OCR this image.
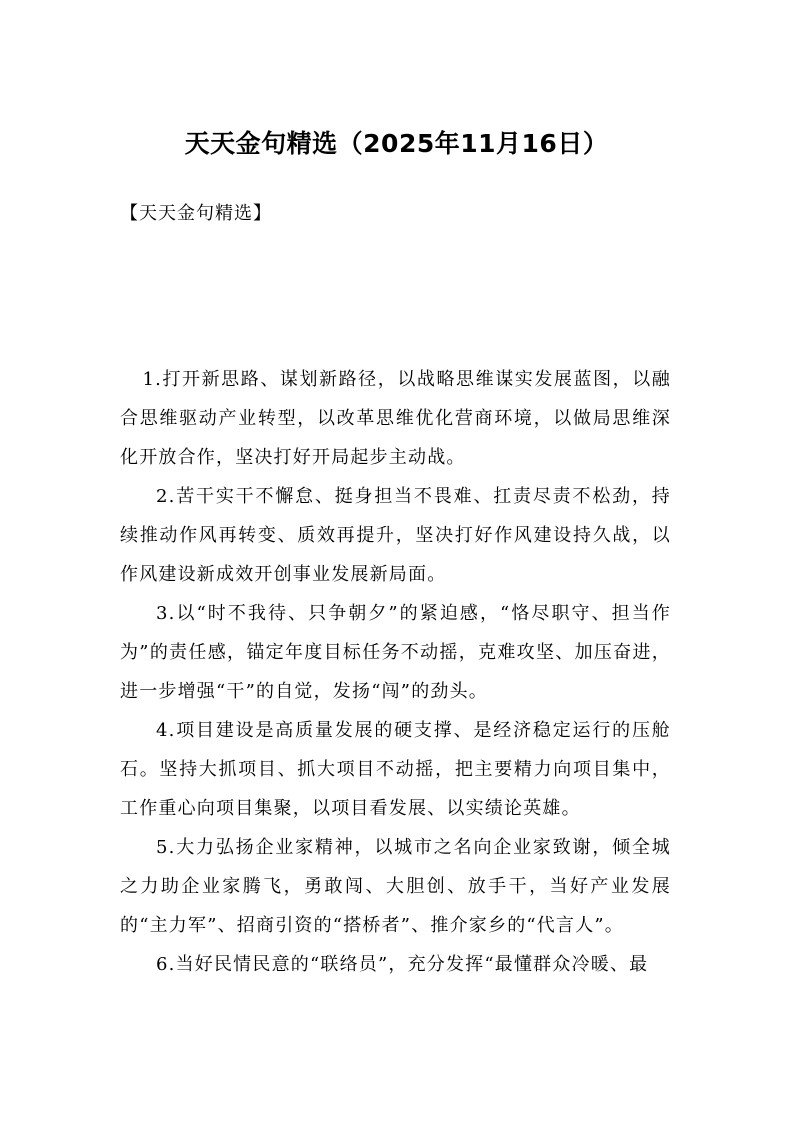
天天金句精选（2025年11月16日）
【天天金句精选】

1.打开新思路、谋划新路径，以战略思维谋实发展蓝图，以融合思维驱动产业转型，以改革思维优化营商环境，以做局思维深化开放合作，坚决打好开局起步主动战。

2.苦干实干不懈怠、挺身担当不畏难、扛责尽责不松劲，持续推动作风再转变、质效再提升，坚决打好作风建设持久战，以作风建设新成效开创事业发展新局面。

3.以“时不我待、只争朝夕”的紧迫感，“恪尽职守、担当作为”的责任感，锚定年度目标任务不动摇，克难攻坚、加压奋进，进一步增强“干”的自觉，发扬“闯”的劲头。

4.项目建设是高质量发展的硬支撑、是经济稳定运行的压舱石。坚持大抓项目、抓大项目不动摇，把主要精力向项目集中，工作重心向项目集聚，以项目看发展、以实绩论英雄。

5.大力弘扬企业家精神，以城市之名向企业家致谢，倾全城之力助企业家腾飞，勇敢闯、大胆创、放手干，当好产业发展的“主力军”、招商引资的“搭桥者”、推介家乡的“代言人”。

6.当好民情民意的“联络员”，充分发挥“最懂群众冷暖、最
